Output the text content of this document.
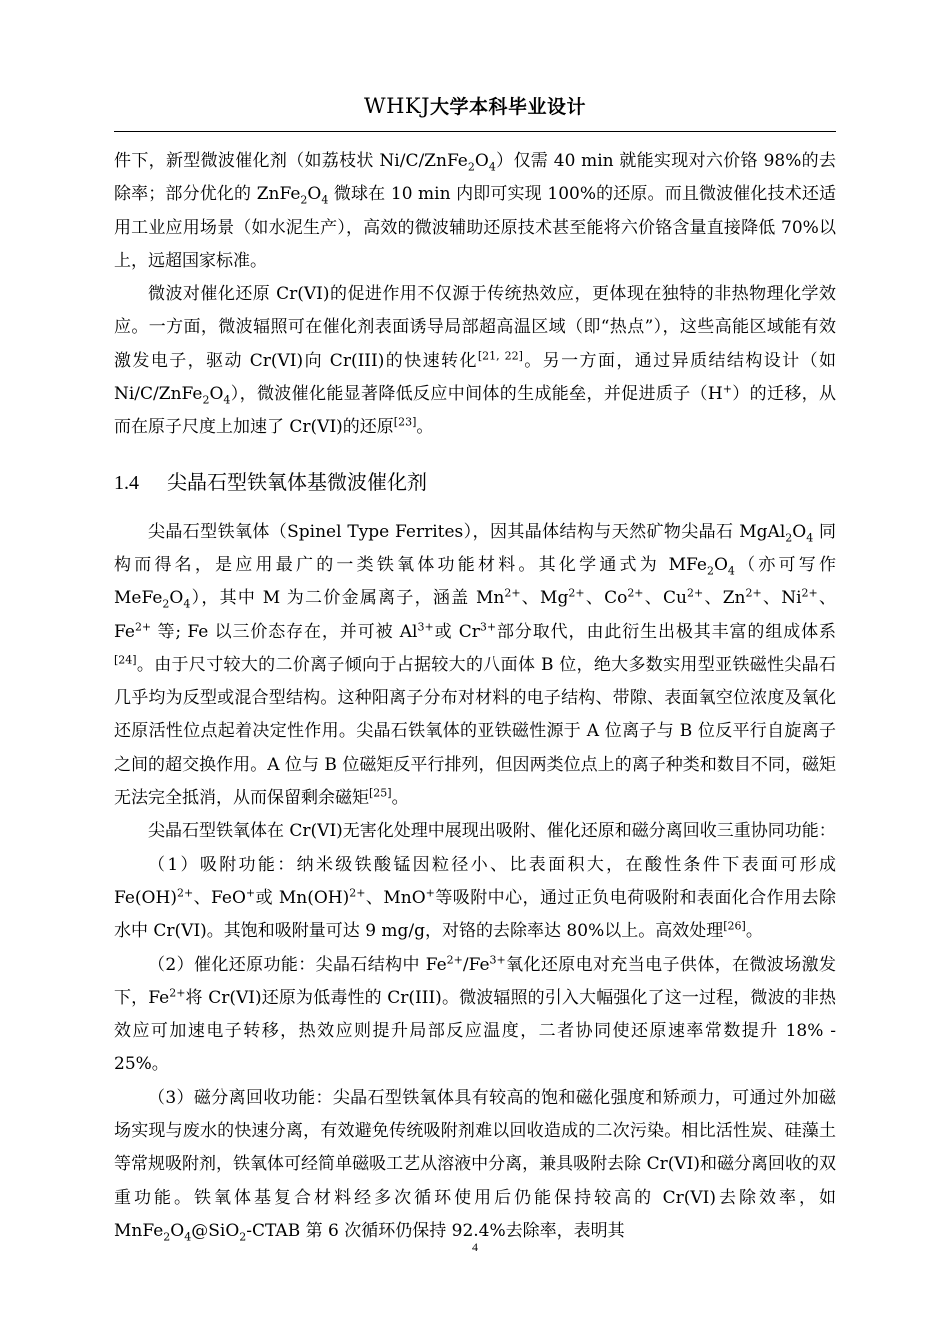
WHKJ大学本科毕业设计

件下，新型微波催化剂（如荔枝状 $Ni/C/ZnFe_2O_4$）仅需 40 min 就能实现对六价铬 98%的去除率；部分优化的 $ZnFe_2O_4$ 微球在 10 min 内即可实现 100%的还原。而且微波催化技术还适用工业应用场景（如水泥生产），高效的微波辅助还原技术甚至能将六价铬含量直接降低 70%以上，远超国家标准。

微波对催化还原 Cr(VI)的促进作用不仅源于传统热效应，更体现在独特的非热物理化学效应。一方面，微波辐照可在催化剂表面诱导局部超高温区域（即“热点”），这些高能区域能有效激发电子，驱动 Cr(VI)向 Cr(III)的快速转化[21, 22]。另一方面，通过异质结结构设计（如 $Ni/C/ZnFe_2O_4$），微波催化能显著降低反应中间体的生成能垒，并促进质子（H+）的迁移，从而在原子尺度上加速了 Cr(VI)的还原[23]。

1.4 尖晶石型铁氧体基微波催化剂

尖晶石型铁氧体（Spinel Type Ferrites），因其晶体结构与天然矿物尖晶石 $MgAl_2O_4$ 同构而得名，是应用最广的一类铁氧体功能材料。其化学通式为 $MFe_2O_4$（亦可写作 $MeFe_2O_4$），其中 M 为二价金属离子，涵盖 $Mn^{2+}$、$Mg^{2+}$、$Co^{2+}$、$Cu^{2+}$、$Zn^{2+}$、$Ni^{2+}$、$Fe^{2+}$ 等; Fe 以三价态存在，并可被 $Al^{3+}$或 $Cr^{3+}$部分取代，由此衍生出极其丰富的组成体系[24]。由于尺寸较大的二价离子倾向于占据较大的八面体 B 位，绝大多数实用型亚铁磁性尖晶石几乎均为反型或混合型结构。这种阳离子分布对材料的电子结构、带隙、表面氧空位浓度及氧化还原活性位点起着决定性作用。尖晶石铁氧体的亚铁磁性源于 A 位离子与 B 位反平行自旋离子之间的超交换作用。A 位与 B 位磁矩反平行排列，但因两类位点上的离子种类和数目不同，磁矩无法完全抵消，从而保留剩余磁矩[25]。

尖晶石型铁氧体在 Cr(VI)无害化处理中展现出吸附、催化还原和磁分离回收三重协同功能：

（1）吸附功能：纳米级铁酸锰因粒径小、比表面积大，在酸性条件下表面可形成 Fe(OH)$^{2+}$、FeO+或 Mn(OH)$^{2+}$、MnO+等吸附中心，通过正负电荷吸附和表面化合作用去除水中 Cr(VI)。其饱和吸附量可达 9 mg/g，对铬的去除率达 80%以上。高效处理[26]。

（2）催化还原功能：尖晶石结构中 $Fe^{2+}/Fe^{3+}$氧化还原电对充当电子供体，在微波场激发下，$Fe^{2+}$将 Cr(VI)还原为低毒性的 Cr(III)。微波辐照的引入大幅强化了这一过程，微波的非热效应可加速电子转移，热效应则提升局部反应温度，二者协同使还原速率常数提升 18% - 25%。

（3）磁分离回收功能：尖晶石型铁氧体具有较高的饱和磁化强度和矫顽力，可通过外加磁场实现与废水的快速分离，有效避免传统吸附剂难以回收造成的二次污染。相比活性炭、硅藻土等常规吸附剂，铁氧体可经简单磁吸工艺从溶液中分离，兼具吸附去除 Cr(VI)和磁分离回收的双重功能。铁氧体基复合材料经多次循环使用后仍能保持较高的 Cr(VI)去除效率，如 $MnFe_2O_4@SiO_2$-CTAB 第 6 次循环仍保持 92.4%去除率，表明其

4
